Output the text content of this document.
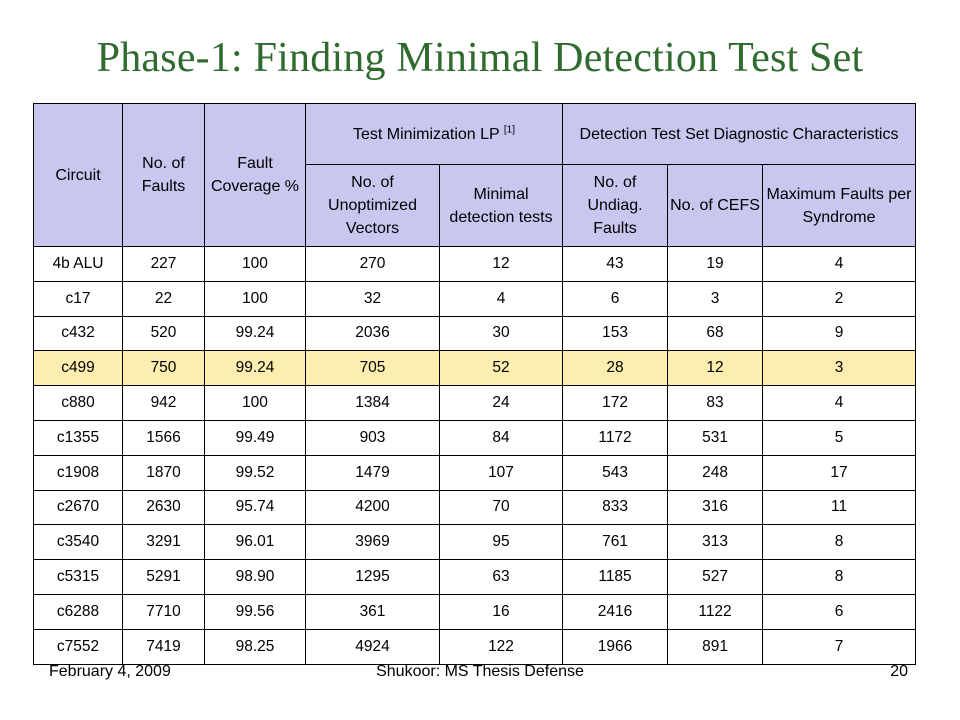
Phase-1: Finding Minimal Detection Test Set
Circuit	No. of Faults	Fault Coverage %	Test Minimization LP [1]		Detection Test Set Diagnostic Characteristics		
			No. of Unoptimized Vectors	Minimal detection tests	No. of Undiag. Faults	No. of CEFS	Maximum Faults per Syndrome
4b ALU	227	100	270	12	43	19	4
c17	22	100	32	4	6	3	2
c432	520	99.24	2036	30	153	68	9
c499	750	99.24	705	52	28	12	3
c880	942	100	1384	24	172	83	4
c1355	1566	99.49	903	84	1172	531	5
c1908	1870	99.52	1479	107	543	248	17
c2670	2630	95.74	4200	70	833	316	11
c3540	3291	96.01	3969	95	761	313	8
c5315	5291	98.90	1295	63	1185	527	8
c6288	7710	99.56	361	16	2416	1122	6
c7552	7419	98.25	4924	122	1966	891	7
February 4, 2009	Shukoor: MS Thesis Defense	20
